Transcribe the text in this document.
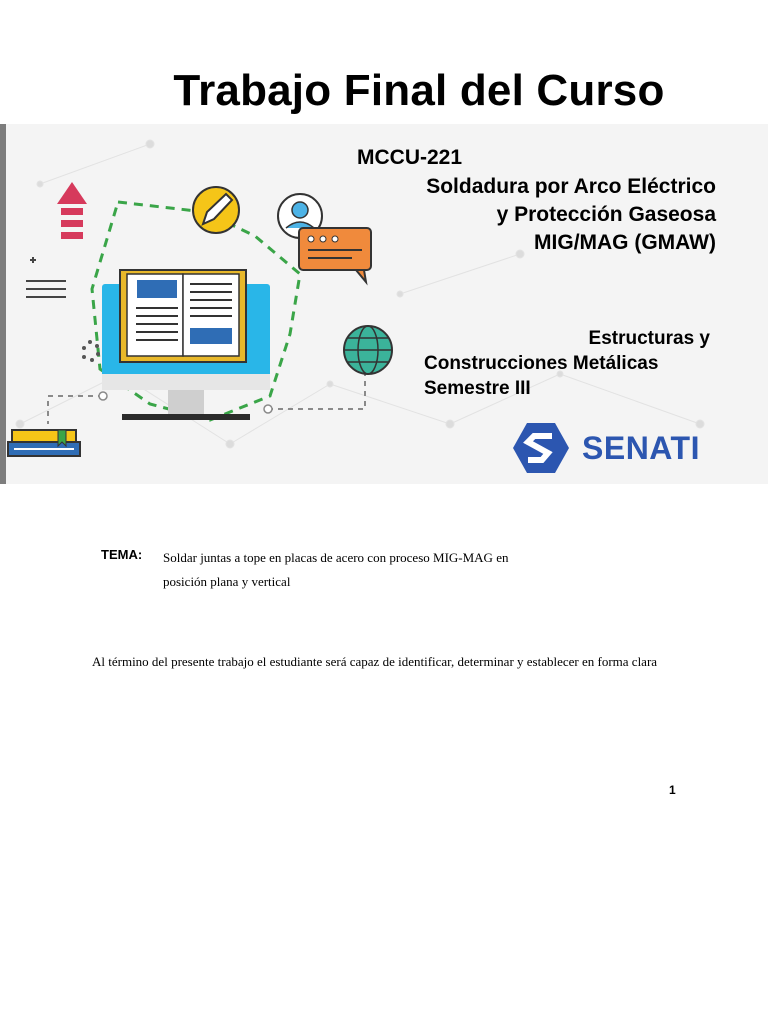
Trabajo Final del Curso
MCCU-221
Soldadura por Arco Eléctrico
y Protección Gaseosa
MIG/MAG (GMAW)
Estructuras y
Construcciones Metálicas
Semestre III
SENATI
TEMA: Soldar juntas a tope en placas de acero con proceso MIG-MAG en
posición plana y vertical
Al término del presente trabajo el estudiante será capaz de identificar, determinar y establecer en forma clara
1
